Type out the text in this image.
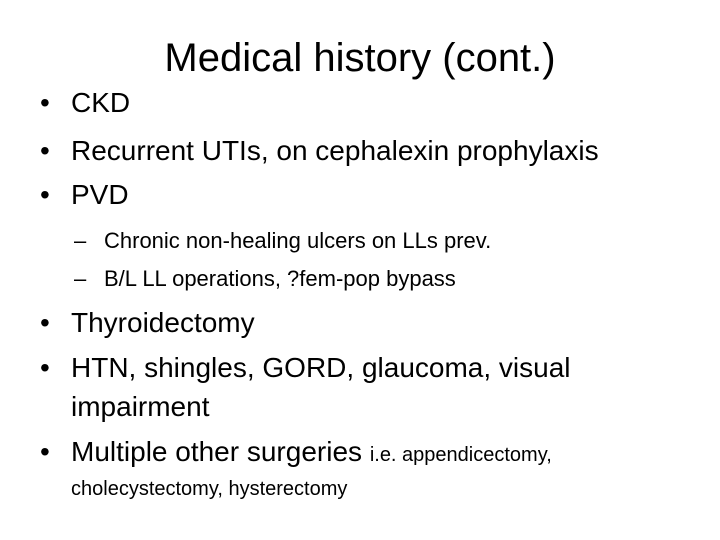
Medical history (cont.)
• CKD
• Recurrent UTIs, on cephalexin prophylaxis
• PVD
– Chronic non-healing ulcers on LLs prev.
– B/L LL operations, ?fem-pop bypass
• Thyroidectomy
• HTN, shingles, GORD, glaucoma, visual
impairment
• Multiple other surgeries i.e. appendicectomy,
cholecystectomy, hysterectomy
